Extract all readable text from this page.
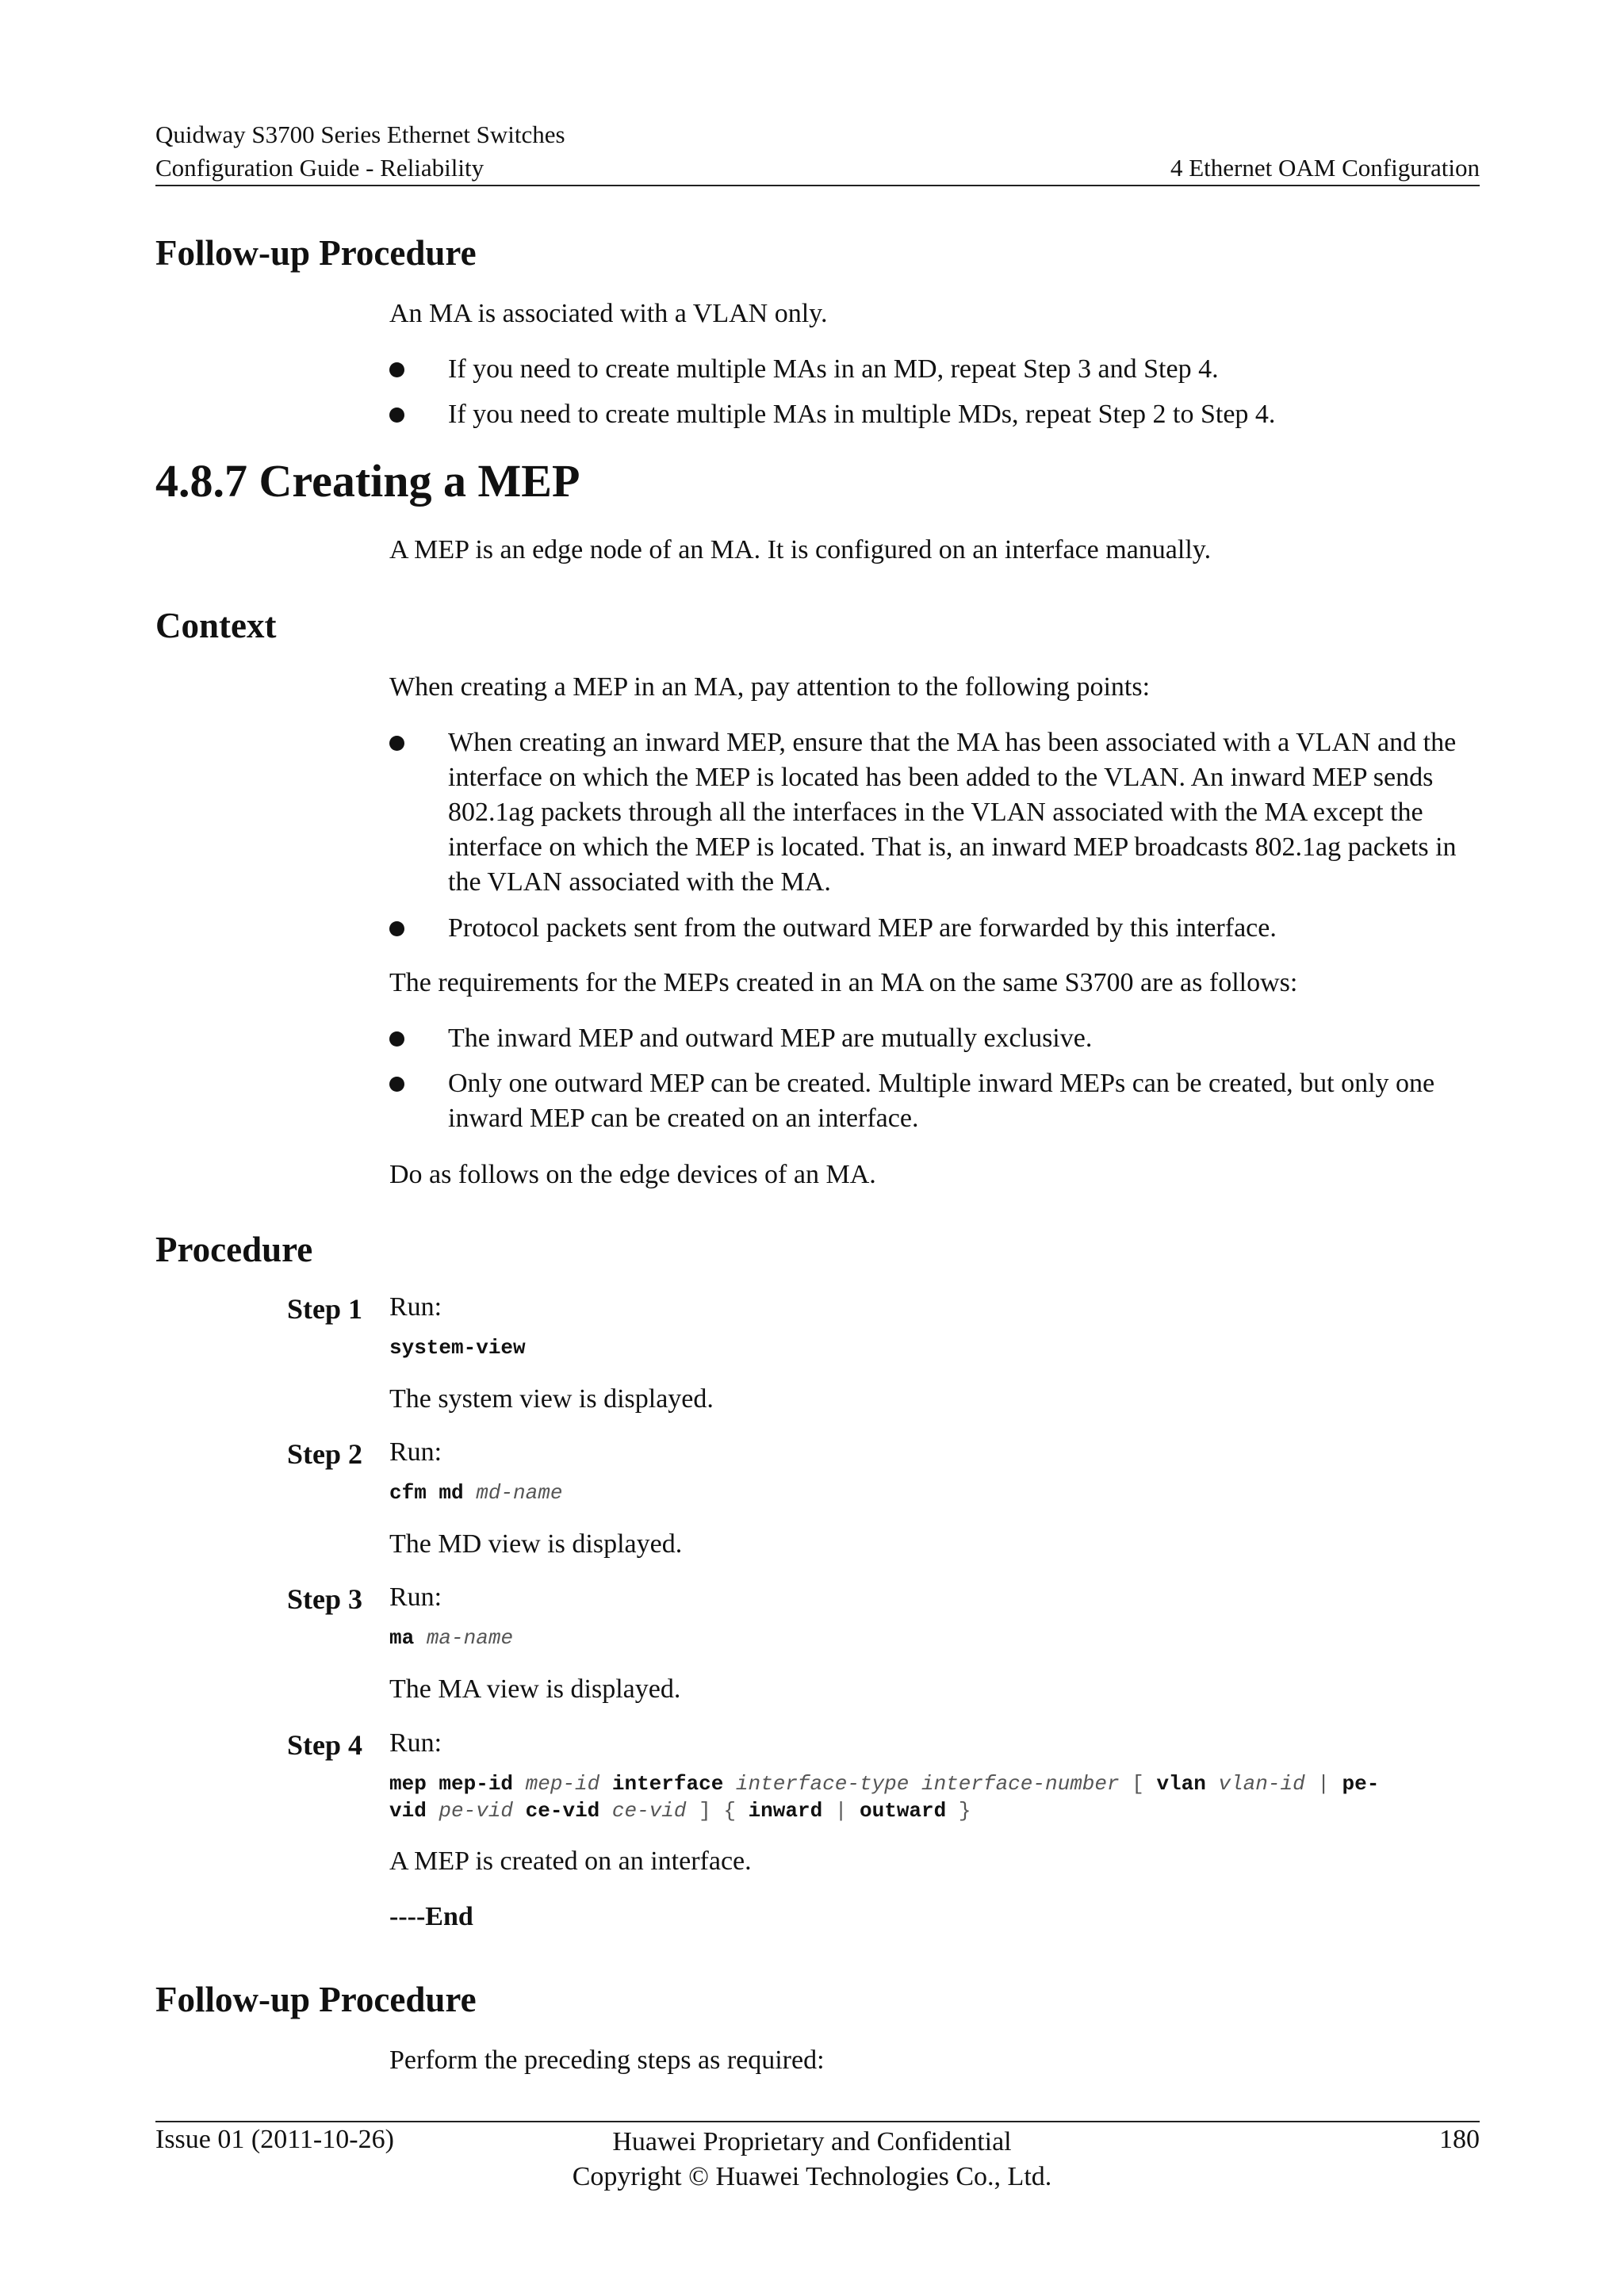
Quidway S3700 Series Ethernet Switches
Configuration Guide - Reliability	4 Ethernet OAM Configuration
Follow-up Procedure
An MA is associated with a VLAN only.
If you need to create multiple MAs in an MD, repeat Step 3 and Step 4.
If you need to create multiple MAs in multiple MDs, repeat Step 2 to Step 4.
4.8.7 Creating a MEP
A MEP is an edge node of an MA. It is configured on an interface manually.
Context
When creating a MEP in an MA, pay attention to the following points:
When creating an inward MEP, ensure that the MA has been associated with a VLAN and the interface on which the MEP is located has been added to the VLAN. An inward MEP sends 802.1ag packets through all the interfaces in the VLAN associated with the MA except the interface on which the MEP is located. That is, an inward MEP broadcasts 802.1ag packets in the VLAN associated with the MA.
Protocol packets sent from the outward MEP are forwarded by this interface.
The requirements for the MEPs created in an MA on the same S3700 are as follows:
The inward MEP and outward MEP are mutually exclusive.
Only one outward MEP can be created. Multiple inward MEPs can be created, but only one inward MEP can be created on an interface.
Do as follows on the edge devices of an MA.
Procedure
Step 1 Run:
system-view
The system view is displayed.
Step 2 Run:
cfm md md-name
The MD view is displayed.
Step 3 Run:
ma ma-name
The MA view is displayed.
Step 4 Run:
mep mep-id mep-id interface interface-type interface-number [ vlan vlan-id | pe-
vid pe-vid ce-vid ce-vid ] { inward | outward }
A MEP is created on an interface.
----End
Follow-up Procedure
Perform the preceding steps as required:
Issue 01 (2011-10-26)	Huawei Proprietary and Confidential
Copyright © Huawei Technologies Co., Ltd.
180
